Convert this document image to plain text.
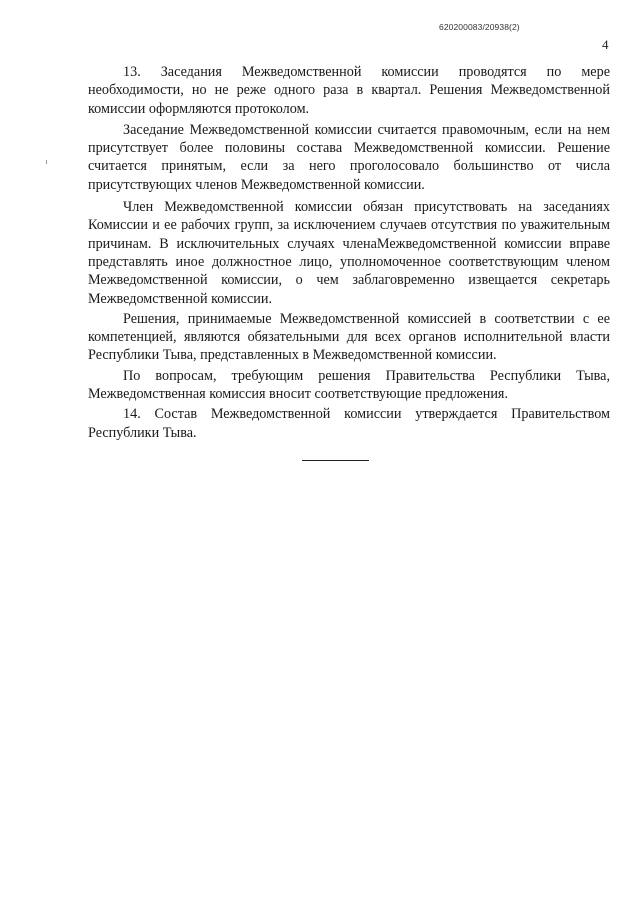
620200083/20938(2)
4

13. Заседания Межведомственной комиссии проводятся по мере необходимости, но не реже одного раза в квартал. Решения Межведомственной комиссии оформляются протоколом.

Заседание Межведомственной комиссии считается правомочным, если на нем присутствует более половины состава Межведомственной комиссии. Решение считается принятым, если за него проголосовало большинство от числа присутствующих членов Межведомственной комиссии.

Член Межведомственной комиссии обязан присутствовать на заседаниях Комиссии и ее рабочих групп, за исключением случаев отсутствия по уважительным причинам. В исключительных случаях членаМежведомственной комиссии вправе представлять иное должностное лицо, уполномоченное соответствующим членом Межведомственной комиссии, о чем заблаговременно извещается секретарь Межведомственной комиссии.

Решения, принимаемые Межведомственной комиссией в соответствии с ее компетенцией, являются обязательными для всех органов исполнительной власти Республики Тыва, представленных в Межведомственной комиссии.

По вопросам, требующим решения Правительства Республики Тыва, Межведомственная комиссия вносит соответствующие предложения.

14. Состав Межведомственной комиссии утверждается Правительством Республики Тыва.
